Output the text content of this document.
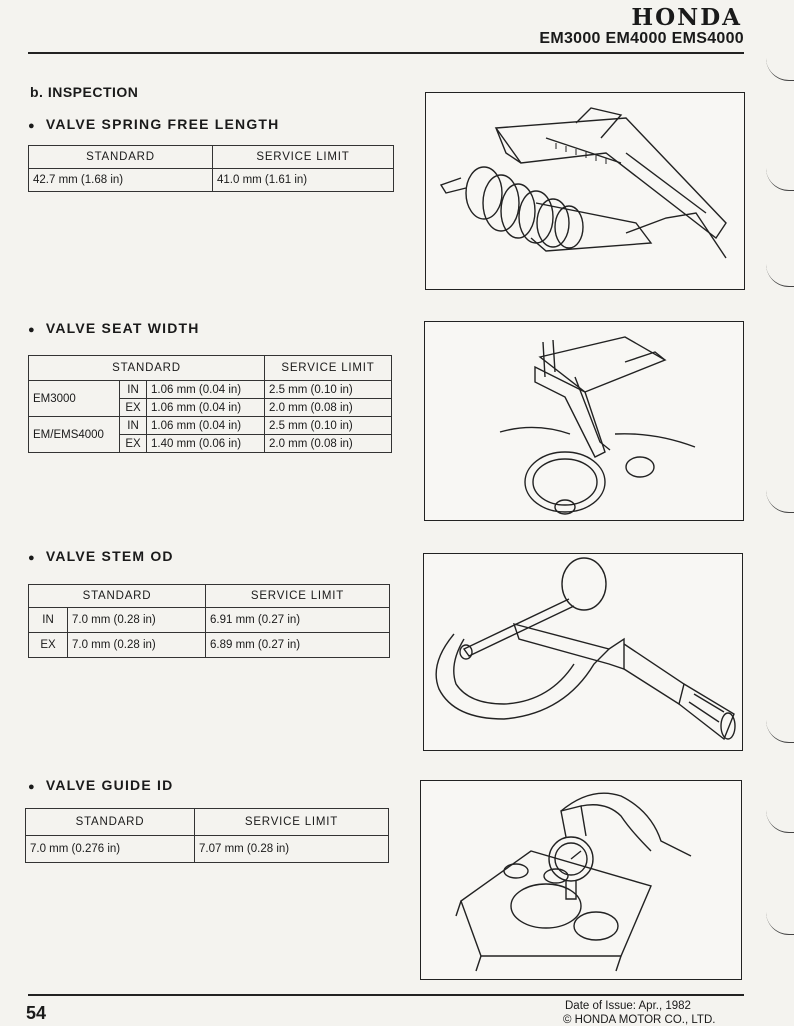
HONDA
EM3000 EM4000 EMS4000
b. INSPECTION
● VALVE SPRING FREE LENGTH
STANDARD	SERVICE LIMIT
42.7 mm (1.68 in)	41.0 mm (1.61 in)
● VALVE SEAT WIDTH
STANDARD			SERVICE LIMIT
EM3000	IN	1.06 mm (0.04 in)	2.5 mm (0.10 in)
	EX	1.06 mm (0.04 in)	2.0 mm (0.08 in)
EM/EMS4000	IN	1.06 mm (0.04 in)	2.5 mm (0.10 in)
	EX	1.40 mm (0.06 in)	2.0 mm (0.08 in)
● VALVE STEM OD
STANDARD		SERVICE LIMIT
IN	7.0 mm (0.28 in)	6.91 mm (0.27 in)
EX	7.0 mm (0.28 in)	6.89 mm (0.27 in)
● VALVE GUIDE ID
STANDARD	SERVICE LIMIT
7.0 mm (0.276 in)	7.07 mm (0.28 in)
54	Date of Issue: Apr., 1982
© HONDA MOTOR CO., LTD.
